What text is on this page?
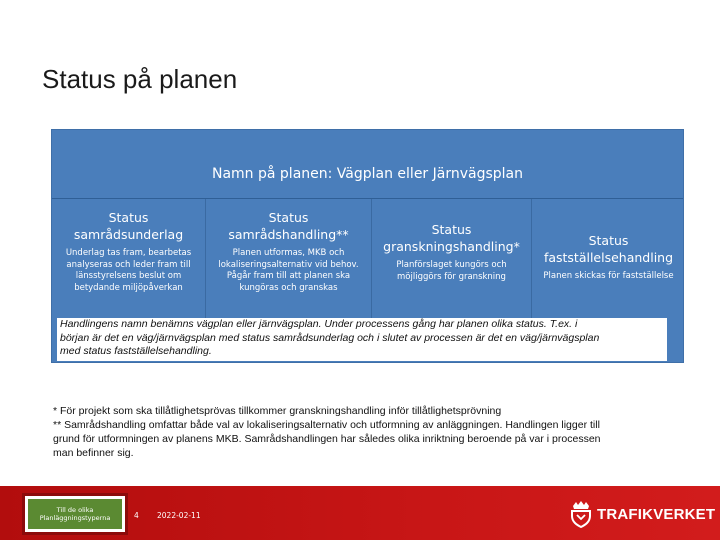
Status på planen
Namn på planen: Vägplan eller Järnvägsplan
Status
samrådsunderlag
Underlag tas fram, bearbetas
analyseras och leder fram till
länsstyrelsens beslut om
betydande miljöpåverkan
Status
samrådshandling**
Planen utformas, MKB och
lokaliseringsalternativ vid behov.
Pågår fram till att planen ska
kungöras och granskas
Status
granskningshandling*
Planförslaget kungörs och
möjliggörs för granskning
Status
fastställelsehandling
Planen skickas för fastställelse
Handlingens namn benämns vägplan eller järnvägsplan. Under processens gång har planen olika status. T.ex. i
början är det en väg/järnvägsplan med status samrådsunderlag och i slutet av processen är det en väg/järnvägsplan
med status fastställelsehandling.
* För projekt som ska tillåtlighetsprövas tillkommer granskningshandling inför tillåtlighetsprövning
** Samrådshandling omfattar både val av lokaliseringsalternativ och utformning av anläggningen. Handlingen ligger till
grund för utformningen av planens MKB. Samrådshandlingen har således olika inriktning beroende på var i processen
man befinner sig.
Till de olika
Planläggningstyperna	4 2022-02-11	TRAFIKVERKET
